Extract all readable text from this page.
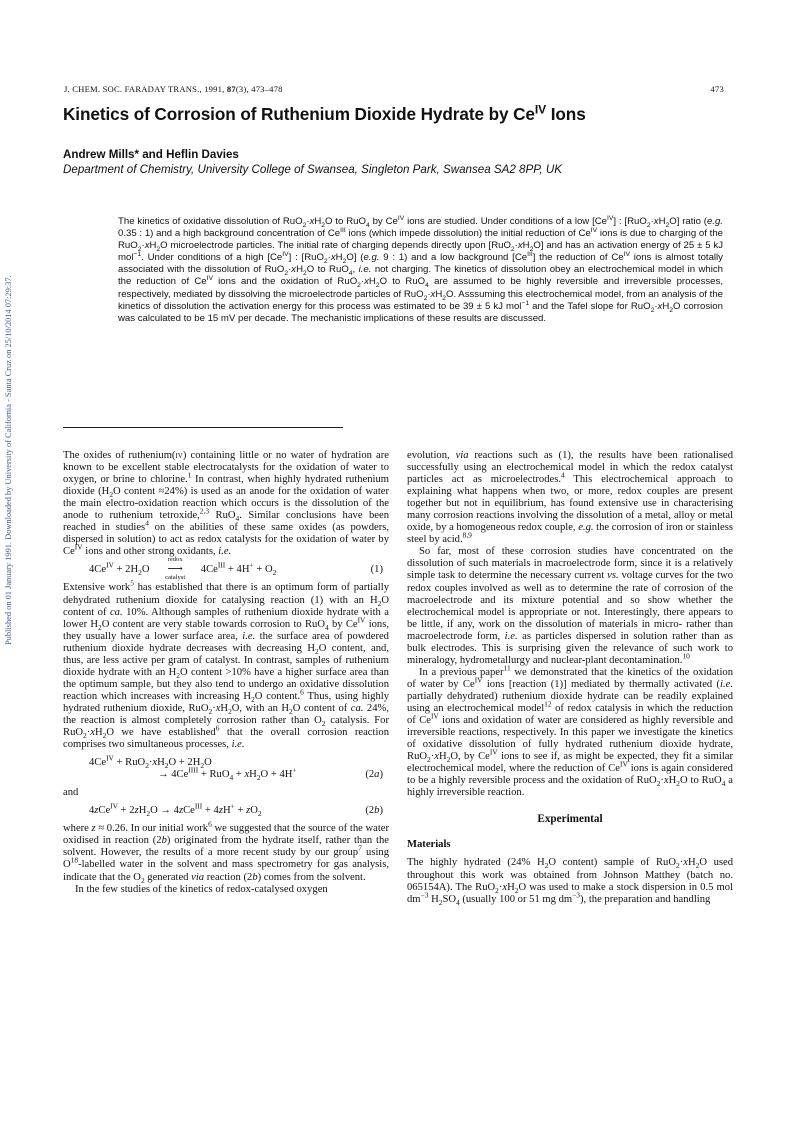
Published on 01 January 1991. Downloaded by University of California - Santa Cruz on 25/10/2014 07:29:37.
J. CHEM. SOC. FARADAY TRANS., 1991, 87(3), 473–478	473
Kinetics of Corrosion of Ruthenium Dioxide Hydrate by $Ce^{IV}$ Ions
Andrew Mills* and Heflin Davies
Department of Chemistry, University College of Swansea, Singleton Park, Swansea SA2 8PP, UK
The kinetics of oxidative dissolution of $RuO_2\cdot xH_2O$ to RuO$_4$ by $Ce^{IV}$ ions are studied. Under conditions of a low $[Ce^{IV}]$ : $[RuO_2\cdot xH_2O]$ ratio (e.g. 0.35 : 1) and a high background concentration of $Ce^{III}$ ions (which impede dissolution) the initial reduction of $Ce^{IV}$ ions is due to charging of the $RuO_2\cdot xH_2O$ microelectrode particles. The initial rate of charging depends directly upon $[RuO_2\cdot xH_2O]$ and has an activation energy of 25 ± 5 kJ mol$^{-1}$. Under conditions of a high $[Ce^{IV}]$ : $[RuO_2\cdot xH_2O]$ (e.g. 9 : 1) and a low background $[Ce^{III}]$ the reduction of $Ce^{IV}$ ions is almost totally associated with the dissolution of $RuO_2\cdot xH_2O$ to RuO$_4$, i.e. not charging. The kinetics of dissolution obey an electrochemical model in which the reduction of $Ce^{IV}$ ions and the oxidation of $RuO_2\cdot xH_2O$ to RuO$_4$ are assumed to be highly reversible and irreversible processes, respectively, mediated by dissolving the microelectrode particles of $RuO_2\cdot xH_2O$. Asssuming this electrochemical model, from an analysis of the kinetics of dissolution the activation energy for this process was estimated to be 39 ± 5 kJ mol$^{-1}$ and the Tafel slope for $RuO_2\cdot xH_2O$ corrosion was calculated to be 15 mV per decade. The mechanistic implications of these results are discussed.

The oxides of ruthenium(iv) containing little or no water of hydration are known to be excellent stable electrocatalysts for the oxidation of water to oxygen, or brine to chlorine.$^1$ In contrast, when highly hydrated ruthenium dioxide ($H_2O$ content ≈24%) is used as an anode for the oxidation of water the main electro-oxidation reaction which occurs is the dissolution of the anode to ruthenium tetroxide,$^{2,3}$ RuO$_4$. Similar conclusions have been reached in studies$^4$ on the abilities of these same oxides (as powders, dispersed in solution) to act as redox catalysts for the oxidation of water by $Ce^{IV}$ ions and other strong oxidants, i.e.

$4Ce^{IV} + 2H_2O$
redox
⟶
catalyst
$4Ce^{III} + 4H^+ + O_2$	(1)

Extensive work$^5$ has established that there is an optimum form of partially dehydrated ruthenium dioxide for catalysing reaction (1) with an $H_2O$ content of ca. 10%. Although samples of ruthenium dioxide hydrate with a lower $H_2O$ content are very stable towards corrosion to RuO$_4$ by $Ce^{IV}$ ions, they usually have a lower surface area, i.e. the surface area of powdered ruthenium dioxide hydrate decreases with decreasing $H_2O$ content, and, thus, are less active per gram of catalyst. In contrast, samples of ruthenium dioxide hydrate with an $H_2O$ content >10% have a higher surface area than the optimum sample, but they also tend to undergo an oxidative dissolution reaction which increases with increasing $H_2O$ content.$^6$ Thus, using highly hydrated ruthenium dioxide, $RuO_2\cdot xH_2O$, with an $H_2O$ content of ca. 24%, the reaction is almost completely corrosion rather than $O_2$ catalysis. For $RuO_2\cdot xH_2O$ we have established$^6$ that the overall corrosion reaction comprises two simultaneous processes, i.e.

$4Ce^{IV} + RuO_2\cdot xH_2O + 2H_2O$
→ $4Ce^{IIII} + RuO_4 + xH_2O + 4H^+$	(2a)
and
$4zCe^{IV} + 2zH_2O \to 4zCe^{III} + 4zH^+ + zO_2$	(2b)

where z ≈ 0.26. In our initial work$^6$ we suggested that the source of the water oxidised in reaction (2b) originated from the hydrate itself, rather than the solvent. However, the results of a more recent study by our group$^7$ using $O^{18}$-labelled water in the solvent and mass spectrometry for gas analysis, indicate that the $O_2$ generated via reaction (2b) comes from the solvent.

In the few studies of the kinetics of redox-catalysed oxygen

evolution, via reactions such as (1), the results have been rationalised successfully using an electrochemical model in which the redox catalyst particles act as microelectrodes.$^4$ This electrochemical approach to explaining what happens when two, or more, redox couples are present together but not in equilibrium, has found extensive use in characterising many corrosion reactions involving the dissolution of a metal, alloy or metal oxide, by a homogeneous redox couple, e.g. the corrosion of iron or stainless steel by acid.$^{8,9}$

So far, most of these corrosion studies have concentrated on the dissolution of such materials in macroelectrode form, since it is a relatively simple task to determine the necessary current vs. voltage curves for the two redox couples involved as well as to determine the rate of corrosion of the macroelectrode and its mixture potential and so show whether the electrochemical model is appropriate or not. Interestingly, there appears to be little, if any, work on the dissolution of materials in micro- rather than macroelectrode form, i.e. as particles dispersed in solution rather than as bulk electrodes. This is surprising given the relevance of such work to mineralogy, hydrometallurgy and nuclear-plant decontamination.$^{10}$

In a previous paper$^{11}$ we demonstrated that the kinetics of the oxidation of water by $Ce^{IV}$ ions [reaction (1)] mediated by thermally activated (i.e. partially dehydrated) ruthenium dioxide hydrate can be readily explained using an electrochemical model$^{12}$ of redox catalysis in which the reduction of $Ce^{IV}$ ions and oxidation of water are considered as highly reversible and irreversible reactions, respectively. In this paper we investigate the kinetics of oxidative dissolution of fully hydrated ruthenium dioxide hydrate, $RuO_2\cdot xH_2O$, by $Ce^{IV}$ ions to see if, as might be expected, they fit a similar electrochemical model, where the reduction of $Ce^{IV}$ ions is again considered to be a highly reversible process and the oxidation of $RuO_2\cdot xH_2O$ to RuO$_4$ a highly irreversible reaction.

Experimental
Materials

The highly hydrated (24% $H_2O$ content) sample of $RuO_2\cdot xH_2O$ used throughout this work was obtained from Johnson Matthey (batch no. 065154A). The $RuO_2\cdot xH_2O$ was used to make a stock dispersion in 0.5 mol $dm^{-3}$ $H_2SO_4$ (usually 100 or 51 mg $dm^{-3}$), the preparation and handling
